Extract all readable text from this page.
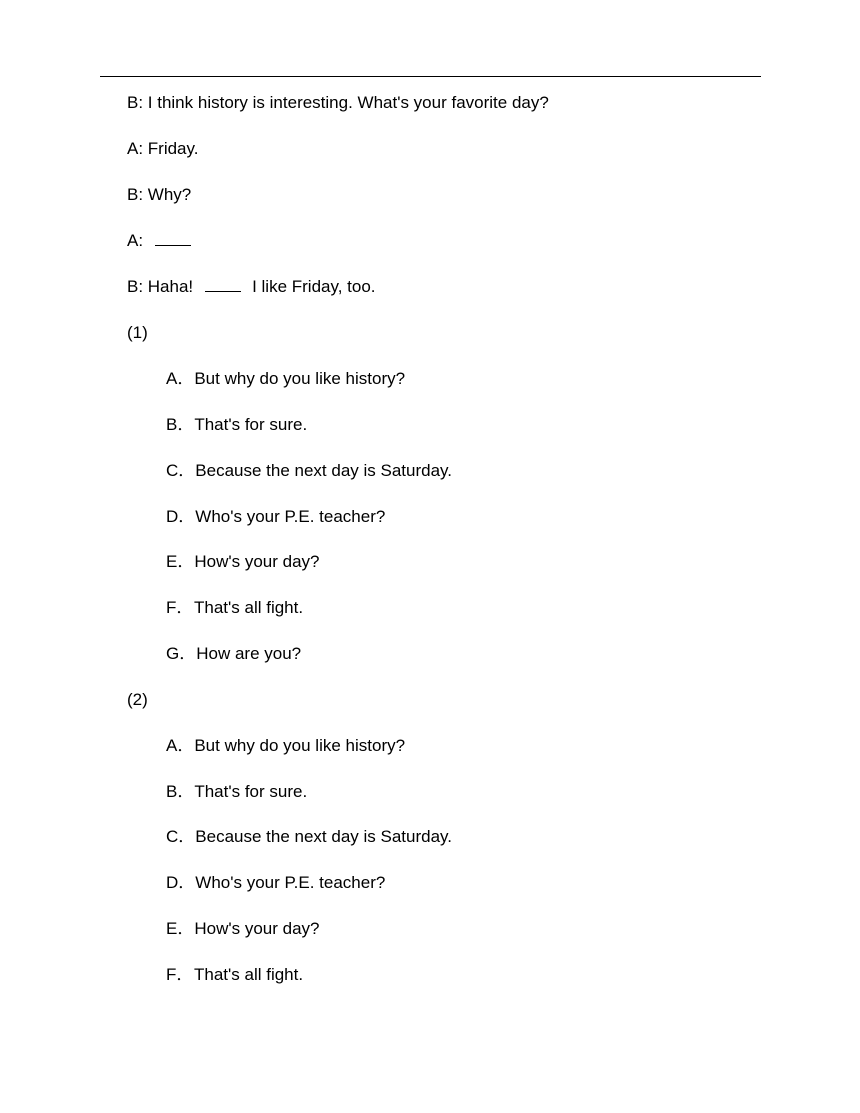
B: I think history is interesting. What's your favorite day?
A: Friday.
B: Why?
A:
B: Haha!	I like Friday, too.
(1)
A．But why do you like history?
B．That's for sure.
C．Because the next day is Saturday.
D．Who's your P.E. teacher?
E．How's your day?
F．That's all fight.
G．How are you?
(2)
A．But why do you like history?
B．That's for sure.
C．Because the next day is Saturday.
D．Who's your P.E. teacher?
E．How's your day?
F．That's all fight.
